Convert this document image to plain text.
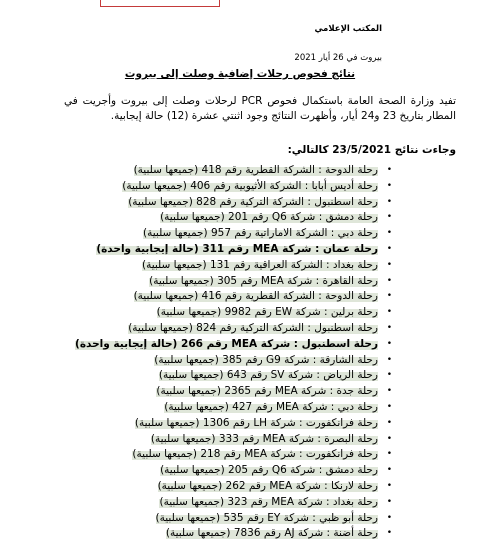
المكتب الإعلامي
بيروت في 26 أيار 2021
نتائج فحوص رحلات إضافية وصلت إلى بيروت
تفيد وزارة الصحة العامة باستكمال فحوص PCR لرحلات وصلت إلى بيروت وأجريت في المطار بتاريخ 23 و24 أيار، وأظهرت النتائج وجود اثنتي عشرة (12) حالة إيجابية.
وجاءت نتائج 23/5/2021 كالتالي:
•
رحلة الدوحة : الشركة القطرية رقم 418 (جميعها سلبية)
•
رحلة أديس أبابا : الشركة الأثيوبية رقم 406 (جميعها سلبية)
•
رحلة اسطنبول : الشركة التركية رقم 828 (جميعها سلبية)
•
رحلة دمشق : شركة Q6 رقم 201 (جميعها سلبية)
•
رحلة دبي : الشركة الاماراتية رقم 957 (جميعها سلبية)
•
رحلة عمان : شركة MEA رقم 311 (حالة إيجابية واحدة)
•
رحلة بغداد : الشركة العراقية رقم 131 (جميعها سلبية)
•
رحلة القاهرة : شركة MEA رقم 305 (جميعها سلبية)
•
رحلة الدوحة : الشركة القطرية رقم 416 (جميعها سلبية)
•
رحلة برلين : شركة EW رقم 9982 (جميعها سلبية)
•
رحلة اسطنبول : الشركة التركية رقم 824 (جميعها سلبية)
•
رحلة اسطنبول : شركة MEA رقم 266 (حالة إيجابية واحدة)
•
رحلة الشارقة : شركة G9 رقم 385 (جميعها سلبية)
•
رحلة الرياض : شركة SV رقم 643 (جميعها سلبية)
•
رحلة جدة : شركة MEA رقم 2365 (جميعها سلبية)
•
رحلة دبي : شركة MEA رقم 427 (جميعها سلبية)
•
رحلة فرانكفورت : شركة LH رقم 1306 (جميعها سلبية)
•
رحلة البصرة : شركة MEA رقم 333 (جميعها سلبية)
•
رحلة فرانكفورت : شركة MEA رقم 218 (جميعها سلبية)
•
رحلة دمشق : شركة Q6 رقم 205 (جميعها سلبية)
•
رحلة لارنكا : شركة MEA رقم 262 (جميعها سلبية)
•
رحلة بغداد : شركة MEA رقم 323 (جميعها سلبية)
•
رحلة أبو ظبي : شركة EY رقم 535 (جميعها سلبية)
•
رحلة أضنة : شركة AJ رقم 7836 (جميعها سلبية)
